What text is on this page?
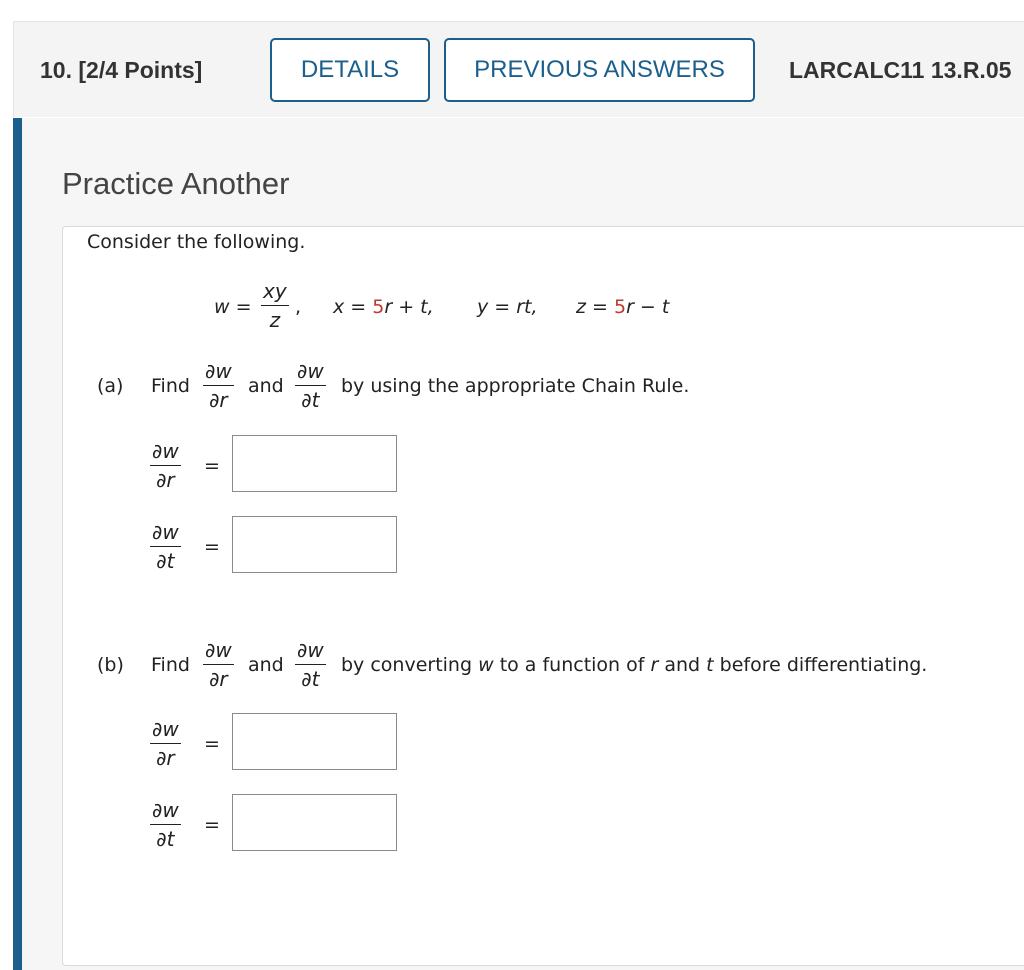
10. [2/4 Points]	DETAILS	PREVIOUS ANSWERS	LARCALC11 13.R.05
Practice Another
Consider the following.
w =
xy
z
, x = 5r + t, y = rt, z = 5r − t
(a) Find
∂w
∂r
and
∂w
∂t
by using the appropriate Chain Rule.
∂w
∂r
=
∂w
∂t
=
(b) Find
∂w
∂r
and
∂w
∂t
by converting w to a function of r and t before differentiating.
∂w
∂r
=
∂w
∂t
=
